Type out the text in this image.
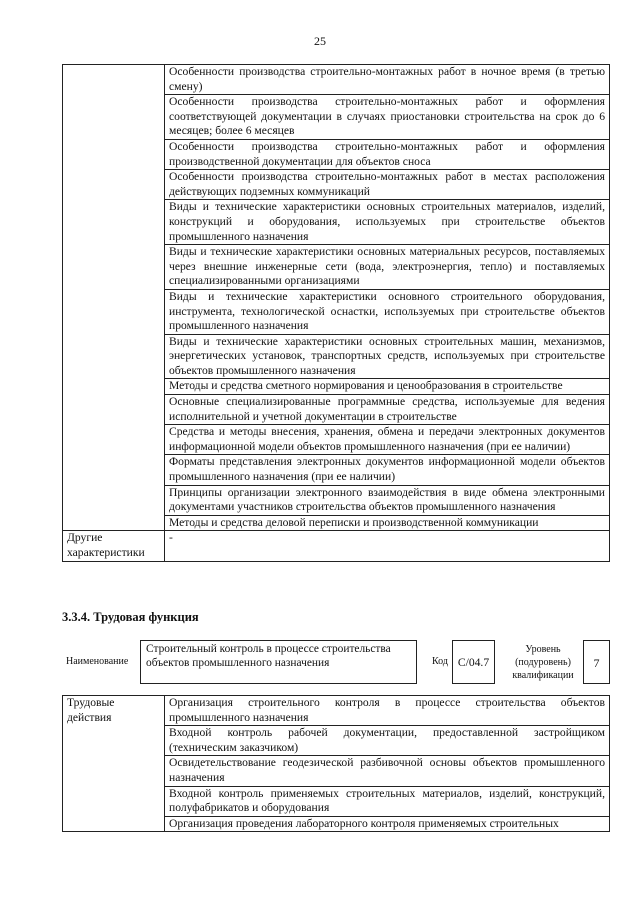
25
	Особенности производства строительно-монтажных работ в ночное время (в третью смену)
	Особенности производства строительно-монтажных работ и оформления соответствующей документации в случаях приостановки строительства на срок до 6 месяцев; более 6 месяцев
	Особенности производства строительно-монтажных работ и оформления производственной документации для объектов сноса
	Особенности производства строительно-монтажных работ в местах расположения действующих подземных коммуникаций
	Виды и технические характеристики основных строительных материалов, изделий, конструкций и оборудования, используемых при строительстве объектов промышленного назначения
	Виды и технические характеристики основных материальных ресурсов, поставляемых через внешние инженерные сети (вода, электроэнергия, тепло) и поставляемых специализированными организациями
	Виды и технические характеристики основного строительного оборудования, инструмента, технологической оснастки, используемых при строительстве объектов промышленного назначения
	Виды и технические характеристики основных строительных машин, механизмов, энергетических установок, транспортных средств, используемых при строительстве объектов промышленного назначения
	Методы и средства сметного нормирования и ценообразования в строительстве
	Основные специализированные программные средства, используемые для ведения исполнительной и учетной документации в строительстве
	Средства и методы внесения, хранения, обмена и передачи электронных документов информационной модели объектов промышленного назначения (при ее наличии)
	Форматы представления электронных документов информационной модели объектов промышленного назначения (при ее наличии)
	Принципы организации электронного взаимодействия в виде обмена электронными документами участников строительства объектов промышленного назначения
	Методы и средства деловой переписки и производственной коммуникации
Другие характеристики	-
3.3.4. Трудовая функция
Наименование
Строительный контроль в процессе строительства объектов промышленного назначения	Код C/04.7
Уровень (подуровень) квалификации
7
Трудовые действия	Организация строительного контроля в процессе строительства объектов промышленного назначения
Входной контроль рабочей документации, предоставленной застройщиком (техническим заказчиком)
Освидетельствование геодезической разбивочной основы объектов промышленного назначения
Входной контроль применяемых строительных материалов, изделий, конструкций, полуфабрикатов и оборудования
Организация проведения лабораторного контроля применяемых строительных
